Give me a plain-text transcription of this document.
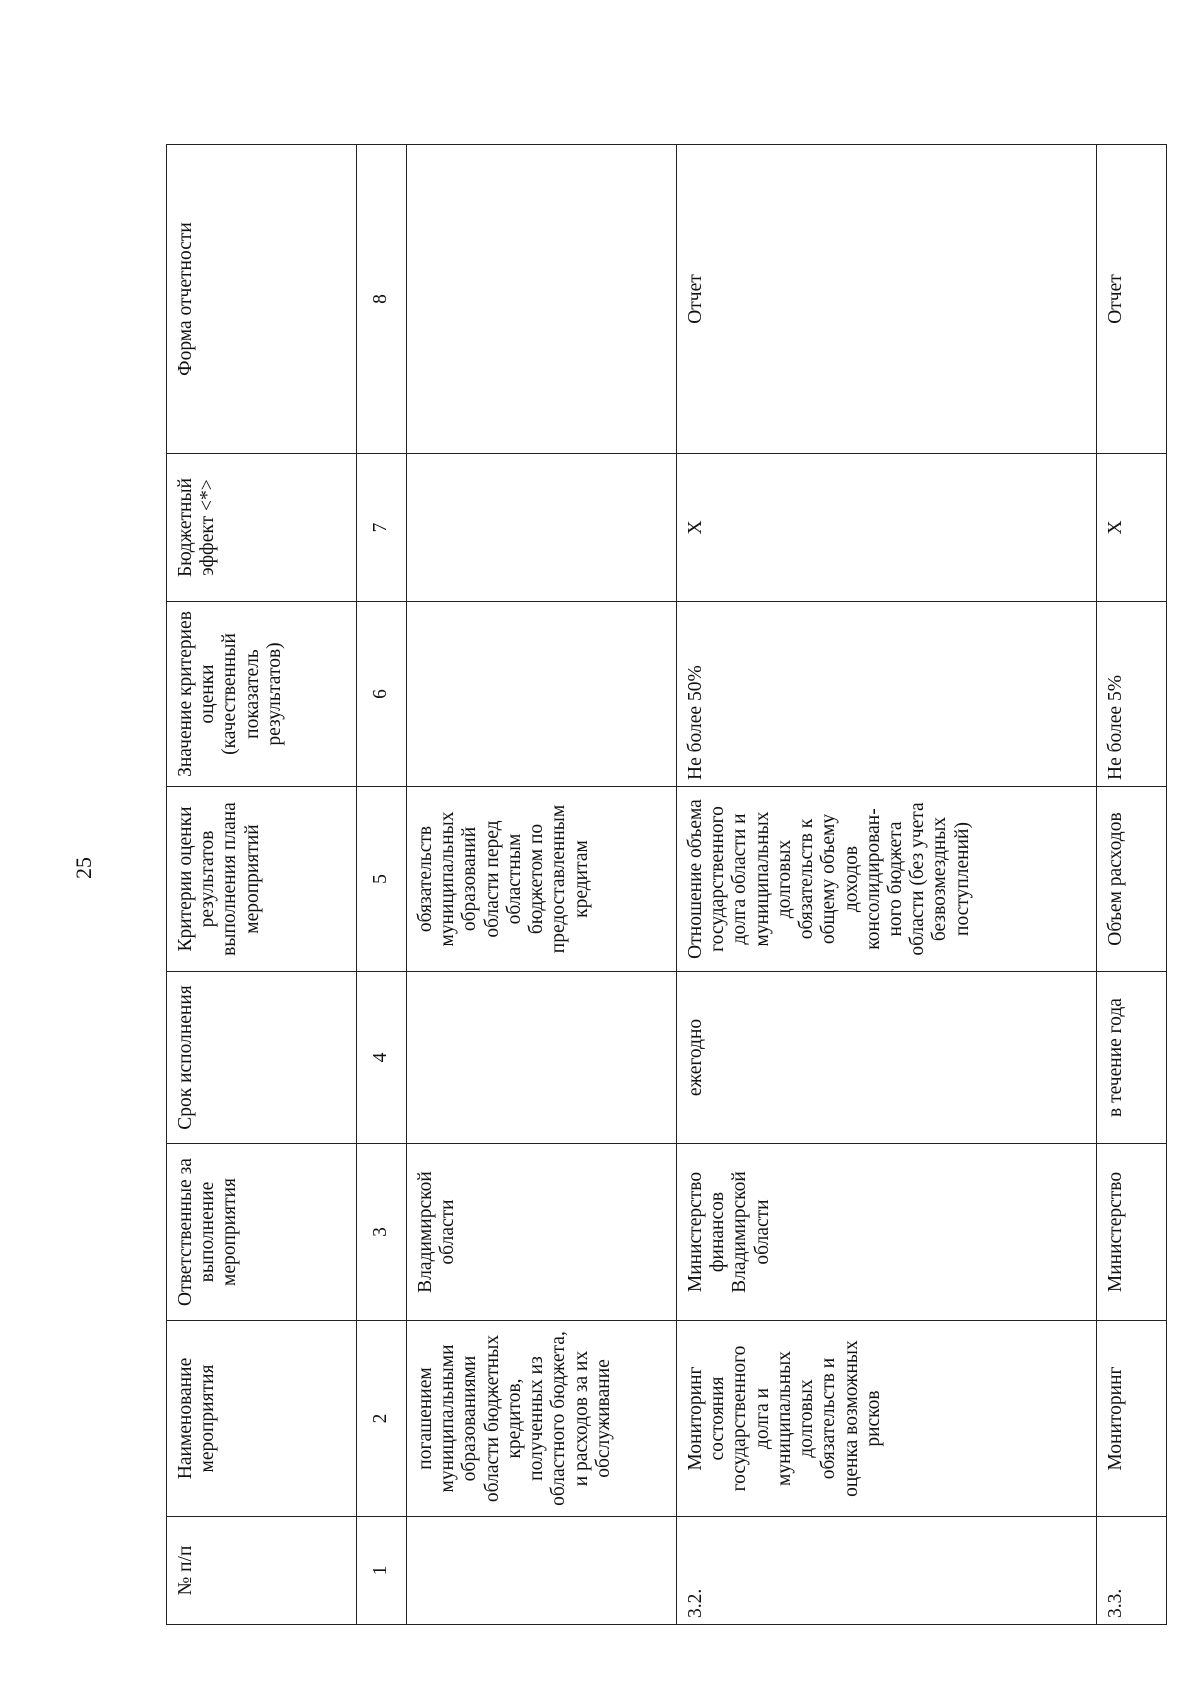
25
№ п/п	Наименование мероприятия	Ответственные за выполнение мероприятия	Срок исполнения	Критерии оценки результатов выполнения плана мероприятий	Значение критериев оценки (качественный показатель результатов)	Бюджетный эффект <*>	Форма отчетности
1	2	3	4	5	6	7	8
	погашением муниципальными образованиями области бюджетных кредитов, полученных из областного бюджета, и расходов за их обслуживание	Владимирской области		обязательств муниципальных образований области перед областным бюджетом по предоставленным кредитам			
3.2.	Мониторинг состояния государственного долга и муниципальных долговых обязательств и оценка возможных рисков	Министерство финансов Владимирской области	ежегодно	Отношение объема государственного долга области и муниципальных долговых обязательств к общему объему доходов консолидирован-ного бюджета области (без учета безвозмездных поступлений)	Не более 50%	X	Отчет
3.3.	Мониторинг	Министерство	в течение года	Объем расходов	Не более 5%	X	Отчет
